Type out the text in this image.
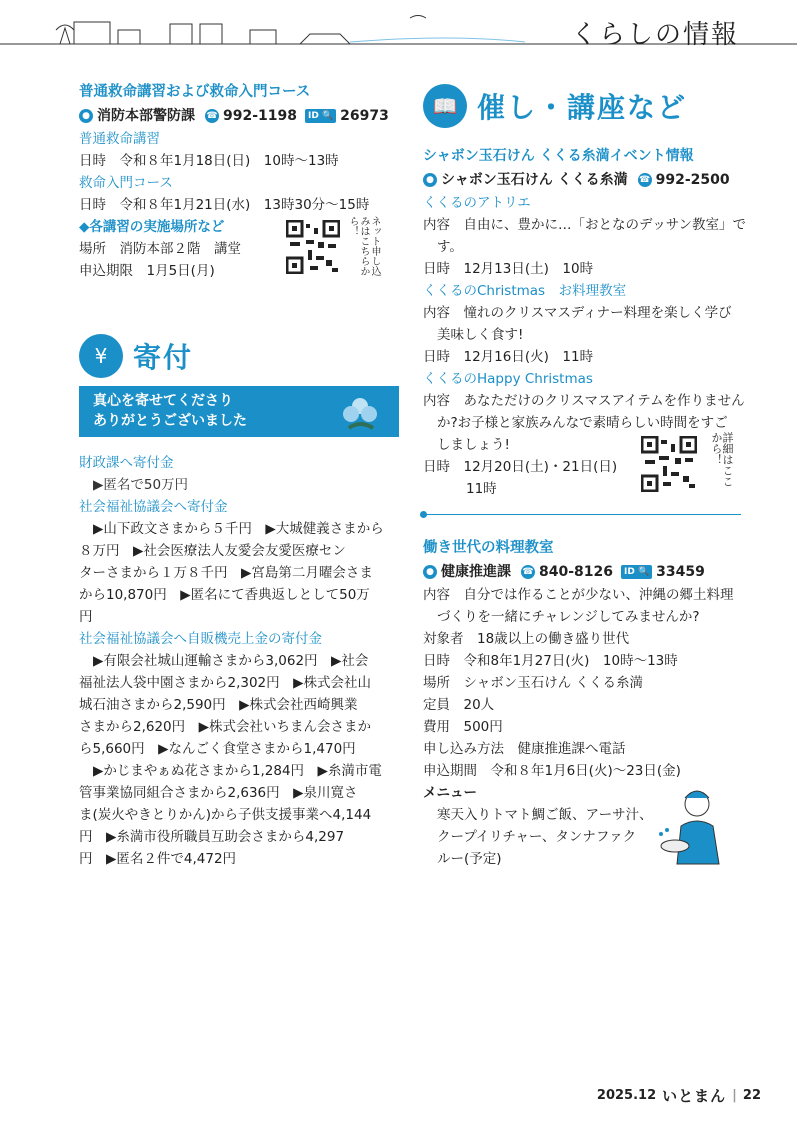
くらしの情報
普通救命講習および救命入門コース
● 消防本部警防課 ☎ 992-1198 ID 🔍 26973
普通救命講習
日時　令和８年1月18日(日)　10時～13時
救命入門コース
日時　令和８年1月21日(水)　13時30分～15時
◆各講習の実施場所など
場所　消防本部２階　講堂
申込期限　1月5日(月)	ネット申し込みはこちらから！
¥ 寄付
真心を寄せてくださり
ありがとうございました
財政課へ寄付金
▶匿名で50万円
社会福祉協議会へ寄付金
▶山下政文さまから５千円　▶大城健義さまから
８万円　▶社会医療法人友愛会友愛医療セン
ターさまから１万８千円　▶宮島第二月曜会さま
から10,870円　▶匿名にて香典返しとして50万
円
社会福祉協議会へ自販機売上金の寄付金
▶有限会社城山運輸さまから3,062円　▶社会
福祉法人袋中園さまから2,302円　▶株式会社山
城石油さまから2,590円　▶株式会社西崎興業
さまから2,620円　▶株式会社いちまん会さまか
ら5,660円　▶なんごく食堂さまから1,470円
▶かじまやぁぬ花さまから1,284円　▶糸満市電
管事業協同組合さまから2,636円　▶泉川寛さ
ま(炭火やきとりかん)から子供支援事業へ4,144
円　▶糸満市役所職員互助会さまから4,297
円　▶匿名２件で4,472円
📖 催し・講座など
シャボン玉石けん くくる糸満イベント情報
● シャボン玉石けん くくる糸満 ☎ 992-2500
くくるのアトリエ
内容　自由に、豊かに…「おとなのデッサン教室」で
す。
日時　12月13日(土)　10時
くくるのChristmas　お料理教室
内容　憧れのクリスマスディナー料理を楽しく学び
美味しく食す!
日時　12月16日(火)　11時
くくるのHappy Christmas
内容　あなただけのクリスマスアイテムを作りません
か?お子様と家族みんなで素晴らしい時間をすご
しましょう!
日時　12月20日(土)・21日(日)
11時
詳細はここから！
働き世代の料理教室
● 健康推進課 ☎ 840-8126 ID 🔍 33459
内容　自分では作ることが少ない、沖縄の郷土料理
づくりを一緒にチャレンジしてみませんか?
対象者　18歳以上の働き盛り世代
日時　令和8年1月27日(火)　10時～13時
場所　シャボン玉石けん くくる糸満
定員　20人
費用　500円
申し込み方法　健康推進課へ電話
申込期間　令和８年1月6日(火)～23日(金)
メニュー
寒天入りトマト鯛ご飯、アーサ汁、
クープイリチャー、タンナファク
ルー(予定)
2025.12 いとまん | 22
